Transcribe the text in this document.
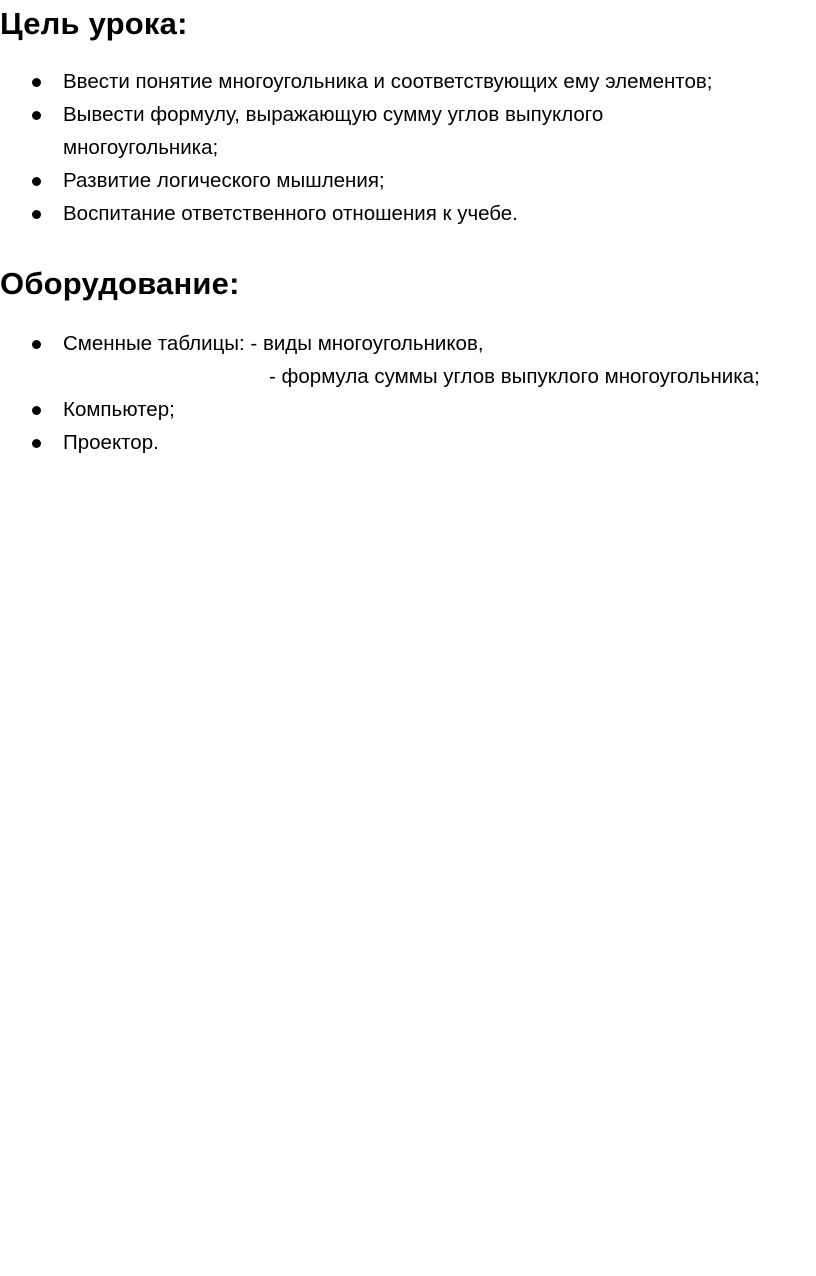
Цель урока:
Ввести понятие многоугольника и соответствующих ему элементов;
Вывести формулу, выражающую сумму углов выпуклого
многоугольника;
Развитие логического мышления;
Воспитание ответственного отношения к учебе.
Оборудование:
Сменные таблицы: - виды многоугольников,
- формула суммы углов выпуклого многоугольника;
Компьютер;
Проектор.
